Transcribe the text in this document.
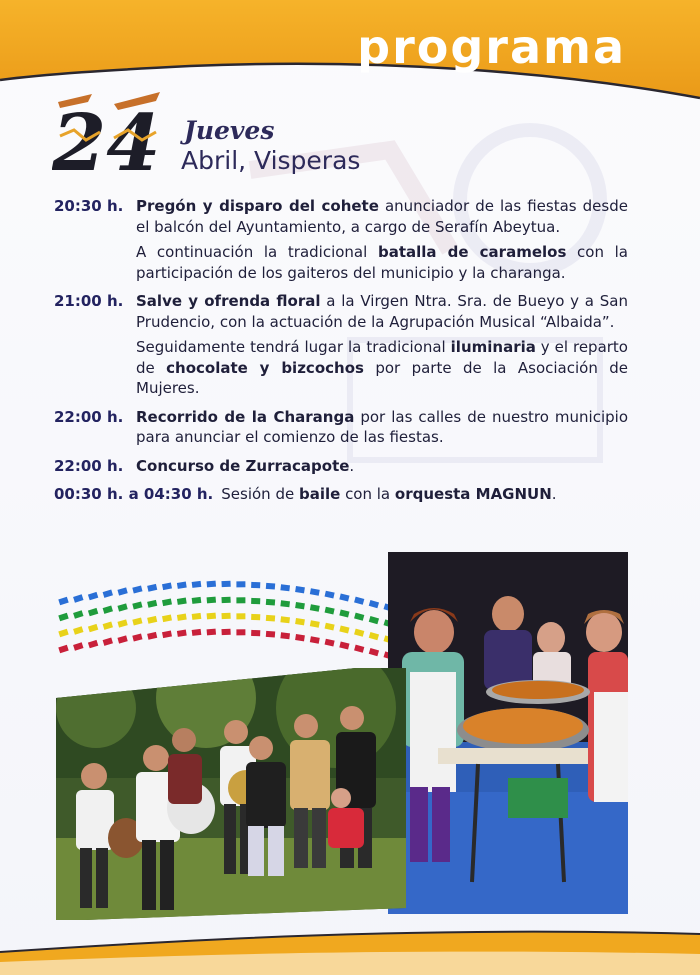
programa
24 Jueves
Abril, Visperas
20:30 h. Pregón y disparo del cohete anunciador de las fiestas desde el balcón del Ayuntamiento, a cargo de Serafín Abeytua.
A continuación la tradicional batalla de caramelos con la participación de los gaiteros del municipio y la charanga.
21:00 h. Salve y ofrenda floral a la Virgen Ntra. Sra. de Bueyo y a San Prudencio, con la actuación de la Agrupación Musical “Albaida”.
Seguidamente tendrá lugar la tradicional iluminaria y el reparto de chocolate y bizcochos por parte de la Asociación de Mujeres.
22:00 h. Recorrido de la Charanga por las calles de nuestro municipio para anunciar el comienzo de las fiestas.
22:00 h. Concurso de Zurracapote.
00:30 h. a 04:30 h. Sesión de baile con la orquesta MAGNUN.
